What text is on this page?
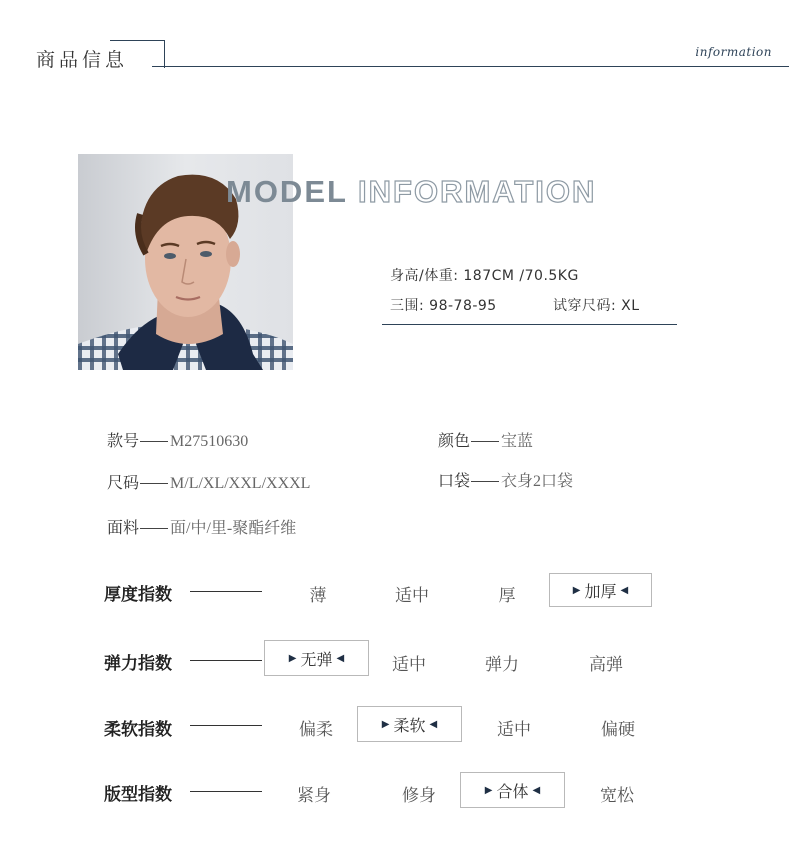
商品信息	information
MODEL INFORMATION
身高/体重: 187CM /70.5KG
三围: 98-78-95	试穿尺码: XL
款号 M27510630	颜色 宝蓝
尺码 M/L/XL/XXL/XXXL	口袋 衣身2口袋
面料 面/中/里-聚酯纤维
厚度指数	薄	适中	厚	▶ 加厚 ◀
弹力指数	▶ 无弹 ◀	适中	弹力	高弹
柔软指数	偏柔	▶ 柔软 ◀	适中	偏硬
版型指数	紧身	修身	▶ 合体 ◀	宽松
